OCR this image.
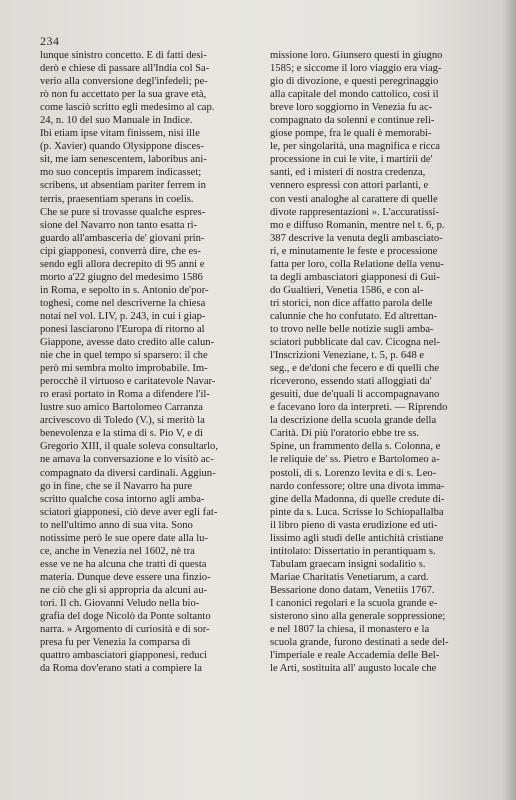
234
lunque sinistro concetto. E di fatti desi-
derò e chiese di passare all'India col Sa-
verio alla conversione degl'infedeli; pe-
rò non fu accettato per la sua grave età,
come lasciò scritto egli medesimo al cap.
24, n. 10 del suo Manuale in Indice.
Ibi etiam ipse vitam finissem, nisi ille
(p. Xavier) quando Olysippone disces-
sit, me iam senescentem, laboribus ani-
mo suo conceptis imparem indicasset;
scribens, ut absentiam pariter ferrem in
terris, praesentiam sperans in coelis.
Che se pure si trovasse qualche espres-
sione del Navarro non tanto esatta ri-
guardo all'ambasceria de' giovani prin-
cipi giapponesi, converrà dire, che es-
sendo egli allora decrepito di 95 anni e
morto a'22 giugno del medesimo 1586
in Roma, e sepolto in s. Antonio de'por-
toghesi, come nel descriverne la chiesa
notai nel vol. LIV, p. 243, in cui i giap-
ponesi lasciarono l'Europa di ritorno al
Giappone, avesse dato credito alle calun-
nie che in quel tempo si sparsero: il che
però mi sembra molto improbabile. Im-
perocchè il virtuoso e caritatevole Navar-
ro erasi portato in Roma a difendere l'il-
lustre suo amico Bartolomeo Carranza
arcivescovo di Toledo (V.), si meritò la
benevolenza e la stima di s. Pio V, e di
Gregorio XIII, il quale soleva consultarlo,
ne amava la conversazione e lo visitò ac-
compagnato da diversi cardinali. Aggiun-
go in fine, che se il Navarro ha pure
scritto qualche cosa intorno agli amba-
sciatori giapponesi, ciò deve aver egli fat-
to nell'ultimo anno di sua vita. Sono
notissime però le sue opere date alla lu-
ce, anche in Venezia nel 1602, nè tra
esse ve ne ha alcuna che tratti di questa
materia. Dunque deve essere una finzio-
ne ciò che gli si appropria da alcuni au-
tori. Il ch. Giovanni Veludo nella bio-
grafia del doge Nicolò da Ponte soltanto
narra. » Argomento di curiosità e di sor-
presa fu per Venezia la comparsa di
quattro ambasciatori giapponesi, reduci
da Roma dov'erano stati a compiere la
missione loro. Giunsero questi in giugno
1585; e siccome il loro viaggio era viag-
gio di divozione, e questi peregrinaggio
alla capitale del mondo cattolico, così il
breve loro soggiorno in Venezia fu ac-
compagnato da solenni e continue reli-
giose pompe, fra le quali è memorabi-
le, per singolarità, una magnifica e ricca
processione in cui le vite, i martirii de'
santi, ed i misteri di nostra credenza,
vennero espressi con attori parlanti, e
con vesti analoghe al carattere di quelle
divote rappresentazioni ». L'accuratissi-
mo e diffuso Romanin, mentre nel t. 6, p.
387 descrive la venuta degli ambasciato-
ri, e minutamente le feste e processione
fatta per loro, colla Relatione della venu-
ta degli ambasciatori giapponesi di Gui-
do Gualtieri, Venetia 1586, e con al-
tri storici, non dice affatto parola delle
calunnie che ho confutato. Ed altrettan-
to trovo nelle belle notizie sugli amba-
sciatori pubblicate dal cav. Cicogna nel-
l'Inscrizioni Veneziane, t. 5, p. 648 e
seg., e de'doni che fecero e di quelli che
riceverono, essendo stati alloggiati da'
gesuiti, due de'quali li accompagnavano
e facevano loro da interpreti. — Riprendo
la descrizione della scuola grande della
Carità. Di più l'oratorio ebbe tre ss.
Spine, un frammento della s. Colonna, e
le reliquie de' ss. Pietro e Bartolomeo a-
postoli, di s. Lorenzo levita e di s. Leo-
nardo confessore; oltre una divota imma-
gine della Madonna, di quelle credute di-
pinte da s. Luca. Scrisse lo Schiopallalba
il libro pieno di vasta erudizione ed uti-
lissimo agli studi delle antichità cristiane
intitolato: Dissertatio in perantiquam s.
Tabulam graecam insigni sodalitio s.
Mariae Charitatis Venetiarum, a card.
Bessarione dono datam, Venetiis 1767.
I canonici regolari e la scuola grande e-
sisterono sino alla generale soppressione;
e nel 1807 la chiesa, il monastero e la
scuola grande, furono destinati a sede del-
l'imperiale e reale Accademia delle Bel-
le Arti, sostituita all' augusto locale che
